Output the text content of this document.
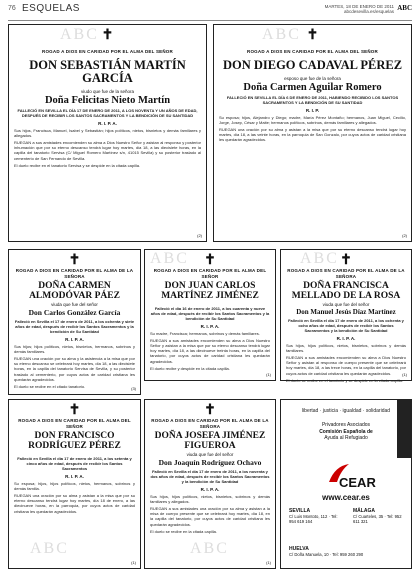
76 ESQUELAS	MARTES, 18 DE ENERO DE 2011
abcdesevilla.es/esquelas ABC
✝
ROGAD A DIOS EN CARIDAD POR EL ALMA DEL SEÑOR
DON SEBASTIÁN MARTÍN GARCÍA
viudo que fue de la señora
Doña Felicitas Nieto Martín
FALLECIÓ EN SEVILLA EL DÍA 17 DE ENERO DE 2011, A LOS NOVENTA Y UN AÑOS DE EDAD, DESPUÉS DE RECIBIR LOS SANTOS SACRAMENTOS Y LA BENDICIÓN DE SU SANTIDAD
R. I. P. A.
Sus hijos, Francisca, Manuel, Isabel y Sebastián; hijos políticos, nietos, bisnietos y demás familiares y allegados.
RUEGAN a sus amistades encomienden su alma a Dios Nuestro Señor y asistan al responso y posterior inhumación que por su eterno descanso tendrá lugar hoy martes, día 18, a las diecisiete horas, en la capilla del tanatorio Servisa (C/ Miguel Romero Martínez s/n, 41015 Sevilla) y su posterior traslado al cementerio de San Fernando de Sevilla.
El duelo recibe en el tanatorio Servisa y se despide en la citada capilla.
(2)
✝
ROGAD A DIOS EN CARIDAD POR EL ALMA DEL SEÑOR
DON DIEGO CADAVAL PÉREZ
esposo que fue de la señora
Doña Carmen Aguilar Romero
FALLECIÓ EN SEVILLA EL DÍA 6 DE ENERO DE 2011, HABIENDO RECIBIDO LOS SANTOS SACRAMENTOS Y LA BENDICIÓN DE SU SANTIDAD
R. I. P.
Su esposa; hijos, Alejandro y Diego; madre, María Pérez Montaño; hermanos, Juan Miguel, Cecilio, Jorge, Josep, César y Maite; hermanos políticos, sobrinos, demás familiares y allegados.
RUEGAN una oración por su alma y asistan a la misa que por su eterno descanso tendrá lugar hoy martes, día 18, a las veinte horas, en la parroquia de San Gonzalo, por cuyos actos de caridad cristiana les quedarán agradecidos.
(2)
✝
ROGAD A DIOS EN CARIDAD POR EL ALMA DE LA SEÑORA
DOÑA CARMEN ALMODÓVAR PÁEZ
viuda que fue del señor
Don Carlos González García
Falleció en Sevilla el 17 de enero de 2011, a los ochenta y siete años de edad, después de recibir los Santos Sacramentos y la bendición de Su Santidad
R. I. P. A.
Sus hijos; hijos políticos, nietos, bisnietos, hermanos, sobrinos y demás familiares.
RUEGAN una oración por su alma y la asistencia a la misa que por su eterno descanso se celebrará hoy martes, día 18, a las diecisiete horas, en la capilla del tanatorio Servisa de Sevilla, y su posterior traslado al cementerio, por cuyos actos de caridad cristiana les quedarán agradecidos.
El duelo se recibe en el citado tanatorio.	(3)
✝
ROGAD A DIOS EN CARIDAD POR EL ALMA DEL SEÑOR
DON JUAN CARLOS MARTÍNEZ JIMÉNEZ
Falleció el día 16 de enero de 2011, a los cuarenta y nueve años de edad, después de recibir los Santos Sacramentos y la bendición de Su Santidad
R. I. P. A.
Su madre, Francisca; hermanos, sobrinos y demás familiares.
RUEGAN a sus amistades encomienden su alma a Dios Nuestro Señor y asistan a la misa que por su eterno descanso tendrá lugar hoy martes, día 18, a las diecinueve treinta horas, en la capilla del tanatorio, por cuyos actos de caridad cristiana les quedarán agradecidos.
El duelo recibe y despide en la citada capilla.
(1)
✝
ROGAD A DIOS EN CARIDAD POR EL ALMA DE LA SEÑORA
DOÑA FRANCISCA MELLADO DE LA ROSA
viuda que fue del señor
Don Manuel Jesús Díaz Martínez
Falleció en Sevilla el día 17 de enero de 2011, a los ochenta y ocho años de edad, después de recibir los Santos Sacramentos y la bendición de Su Santidad
R. I. P. A.
Sus hijos, hijos políticos, nietos, bisnietos, sobrinos y demás familiares.
RUEGAN a sus amistades encomienden su alma a Dios Nuestro Señor y asistan al responso de cuerpo presente que se celebrará hoy martes, día 18, a las trece horas, en la capilla del tanatorio, por cuyos actos de caridad cristiana les quedarán agradecidos.
El duelo se recibe en el tanatorio y se despide en la citada capilla.
(1)
✝
ROGAD A DIOS EN CARIDAD POR EL ALMA DEL SEÑOR
DON FRANCISCO RODRÍGUEZ PÉREZ
Falleció en Sevilla el día 17 de enero de 2011, a los setenta y cinco años de edad, después de recibir los Santos Sacramentos
R. I. P. A.
Su esposa; hijos, hijos políticos, nietos, hermanos, sobrinos y demás familia.
RUEGAN una oración por su alma y asistan a la misa que por su eterno descanso tendrá lugar hoy martes, día 18 de enero, a las diecinueve horas, en la parroquia, por cuyos actos de caridad cristiana les quedarán agradecidos.
(1)
✝
ROGAD A DIOS EN CARIDAD POR EL ALMA DE LA SEÑORA
DOÑA JOSEFA JIMÉNEZ FIGUEROA
viuda que fue del señor
Don Joaquín Rodríguez Ochavo
Falleció en Sevilla el día 17 de enero de 2011, a los noventa y dos años de edad, después de recibir los Santos Sacramentos y la bendición de Su Santidad
R. I. P. A.
Sus hijos, hijos políticos, nietos, bisnietos, sobrinos y demás familiares y allegados.
RUEGAN a sus amistades una oración por su alma y asistan a la misa de cuerpo presente que se celebrará hoy martes, día 18, en la capilla del tanatorio, por cuyos actos de caridad cristiana les quedarán agradecidos.
El duelo se recibe en la citada capilla.
(1)
libertad · justicia · igualdad · solidaridad
Privadores Asociados
Comisión Española de
Ayuda al Refugiado
CEAR
www.cear.es
SEVILLA
C/ Luis Montoto, 112 · Tel: 954 619 164
MÁLAGA
C/ Cuarteles, 35 · Tel: 952 611 321
HUELVA
C/ Doña Manuela, 10 · Tel: 959 260 290
ABC	ABC
ABC	ABC
ABC	ABC
